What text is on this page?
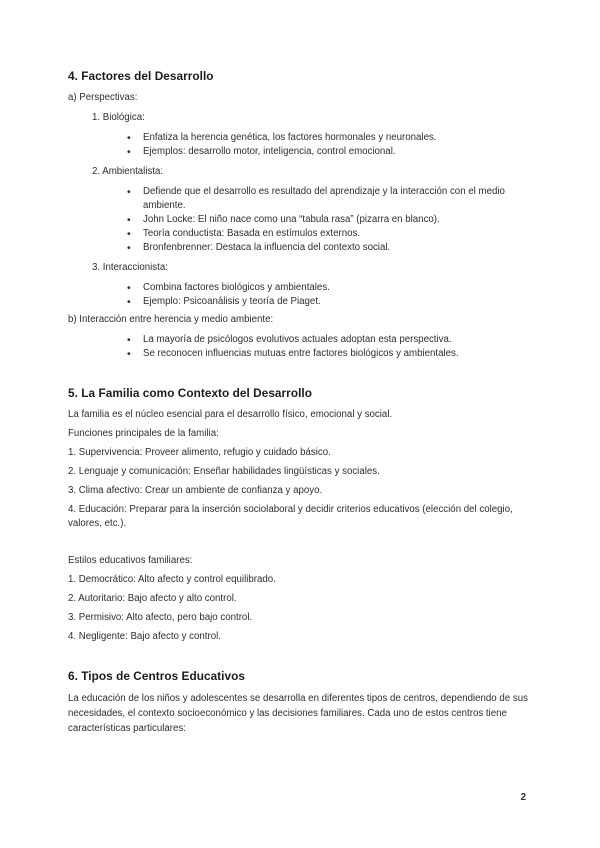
4. Factores del Desarrollo

a) Perspectivas:

1. Biológica:

• Enfatiza la herencia genética, los factores hormonales y neuronales.
• Ejemplos: desarrollo motor, inteligencia, control emocional.

2. Ambientalista:

• Defiende que el desarrollo es resultado del aprendizaje y la interacción con el medio ambiente.
• John Locke: El niño nace como una “tabula rasa” (pizarra en blanco).
• Teoría conductista: Basada en estímulos externos.
• Bronfenbrenner: Destaca la influencia del contexto social.

3. Interaccionista:

• Combina factores biológicos y ambientales.
• Ejemplo: Psicoanálisis y teoría de Piaget.

b) Interacción entre herencia y medio ambiente:

• La mayoría de psicólogos evolutivos actuales adoptan esta perspectiva.
• Se reconocen influencias mutuas entre factores biológicos y ambientales.
5. La Familia como Contexto del Desarrollo

La familia es el núcleo esencial para el desarrollo físico, emocional y social.

Funciones principales de la familia:

1. Supervivencia: Proveer alimento, refugio y cuidado básico.

2. Lenguaje y comunicación: Enseñar habilidades lingüísticas y sociales.

3. Clima afectivo: Crear un ambiente de confianza y apoyo.

4. Educación: Preparar para la inserción sociolaboral y decidir criterios educativos (elección del colegio, valores, etc.).

Estilos educativos familiares:

1. Democrático: Alto afecto y control equilibrado.

2. Autoritario: Bajo afecto y alto control.

3. Permisivo: Alto afecto, pero bajo control.

4. Negligente: Bajo afecto y control.

6. Tipos de Centros Educativos

La educación de los niños y adolescentes se desarrolla en diferentes tipos de centros, dependiendo de sus necesidades, el contexto socioeconómico y las decisiones familiares. Cada uno de estos centros tiene características particulares:

2
